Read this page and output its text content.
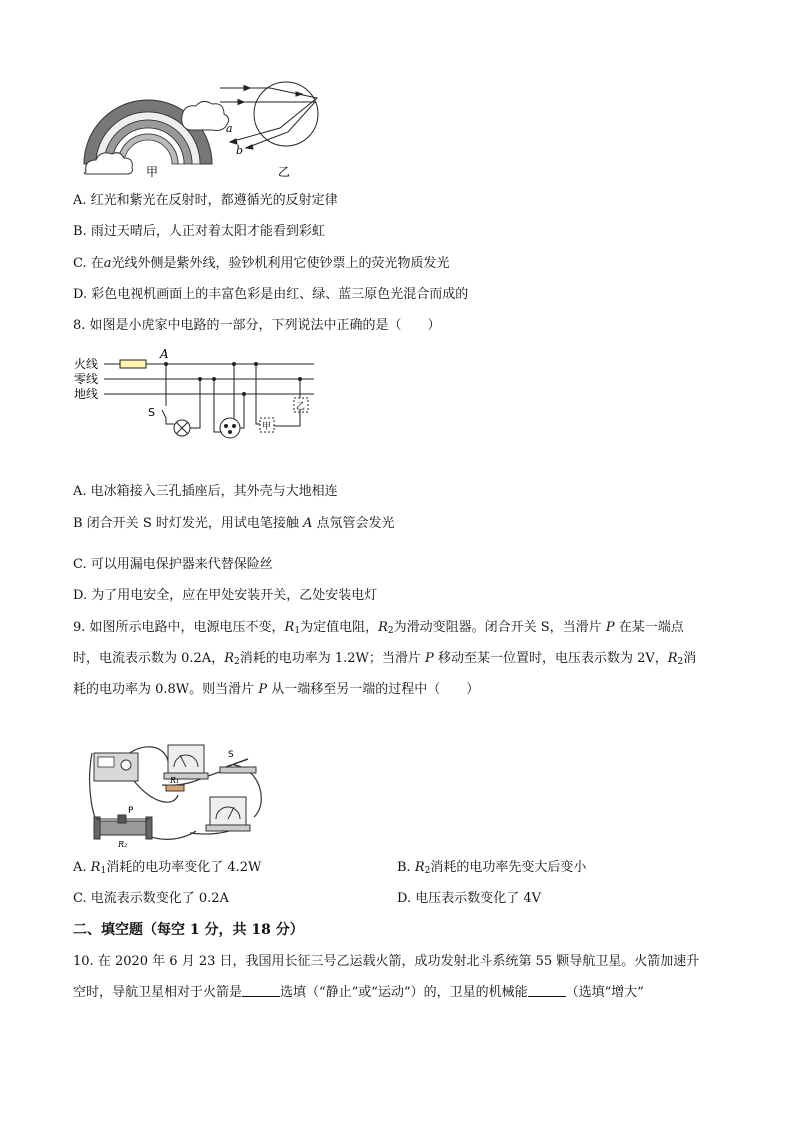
a
b
甲	乙
A. 红光和紫光在反射时，都遵循光的反射定律
B. 雨过天晴后，人正对着太阳才能看到彩虹
C. 在a光线外侧是紫外线，验钞机利用它使钞票上的荧光物质发光
D. 彩色电视机画面上的丰富色彩是由红、绿、蓝三原色光混合而成的
8. 如图是小虎家中电路的一部分，下列说法中正确的是（　　）
火线
零线
地线
A
S
甲
乙
A. 电冰箱接入三孔插座后，其外壳与大地相连
B 闭合开关 S 时灯发光，用试电笔接触 A 点氖管会发光
C. 可以用漏电保护器来代替保险丝
D. 为了用电安全，应在甲处安装开关，乙处安装电灯
9. 如图所示电路中，电源电压不变，$R_1$为定值电阻，$R_2$为滑动变阻器。闭合开关 S，当滑片 P 在某一端点
时，电流表示数为 0.2A，$R_2$消耗的电功率为 1.2W；当滑片 P 移动至某一位置时，电压表示数为 2V，$R_2$消
耗的电功率为 0.8W。则当滑片 P 从一端移至另一端的过程中（　　）
P
S
R₁
R₂
A. $R_1$消耗的电功率变化了 4.2W	B. $R_2$消耗的电功率先变大后变小
C. 电流表示数变化了 0.2A	D. 电压表示数变化了 4V
二、填空题（每空 1 分，共 18 分）
10. 在 2020 年 6 月 23 日，我国用长征三号乙运载火箭，成功发射北斗系统第 55 颗导航卫星。火箭加速升
空时，导航卫星相对于火箭是	选填（“静止”或“运动”）的，卫星的机械能	（选填“增大”
